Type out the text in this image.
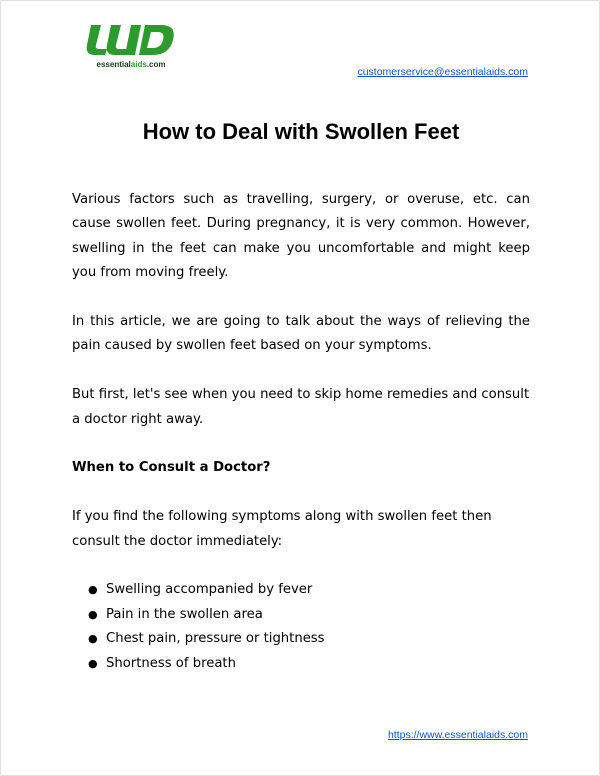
essentialaids.com
customerservice@essentialaids.com
How to Deal with Swollen Feet

Various factors such as travelling, surgery, or overuse, etc. can cause swollen feet. During pregnancy, it is very common. However, swelling in the feet can make you uncomfortable and might keep you from moving freely.

In this article, we are going to talk about the ways of relieving the pain caused by swollen feet based on your symptoms.

But first, let's see when you need to skip home remedies and consult a doctor right away.

When to Consult a Doctor?

If you find the following symptoms along with swollen feet then consult the doctor immediately:

● Swelling accompanied by fever
● Pain in the swollen area
● Chest pain, pressure or tightness
● Shortness of breath
https://www.essentialaids.com
